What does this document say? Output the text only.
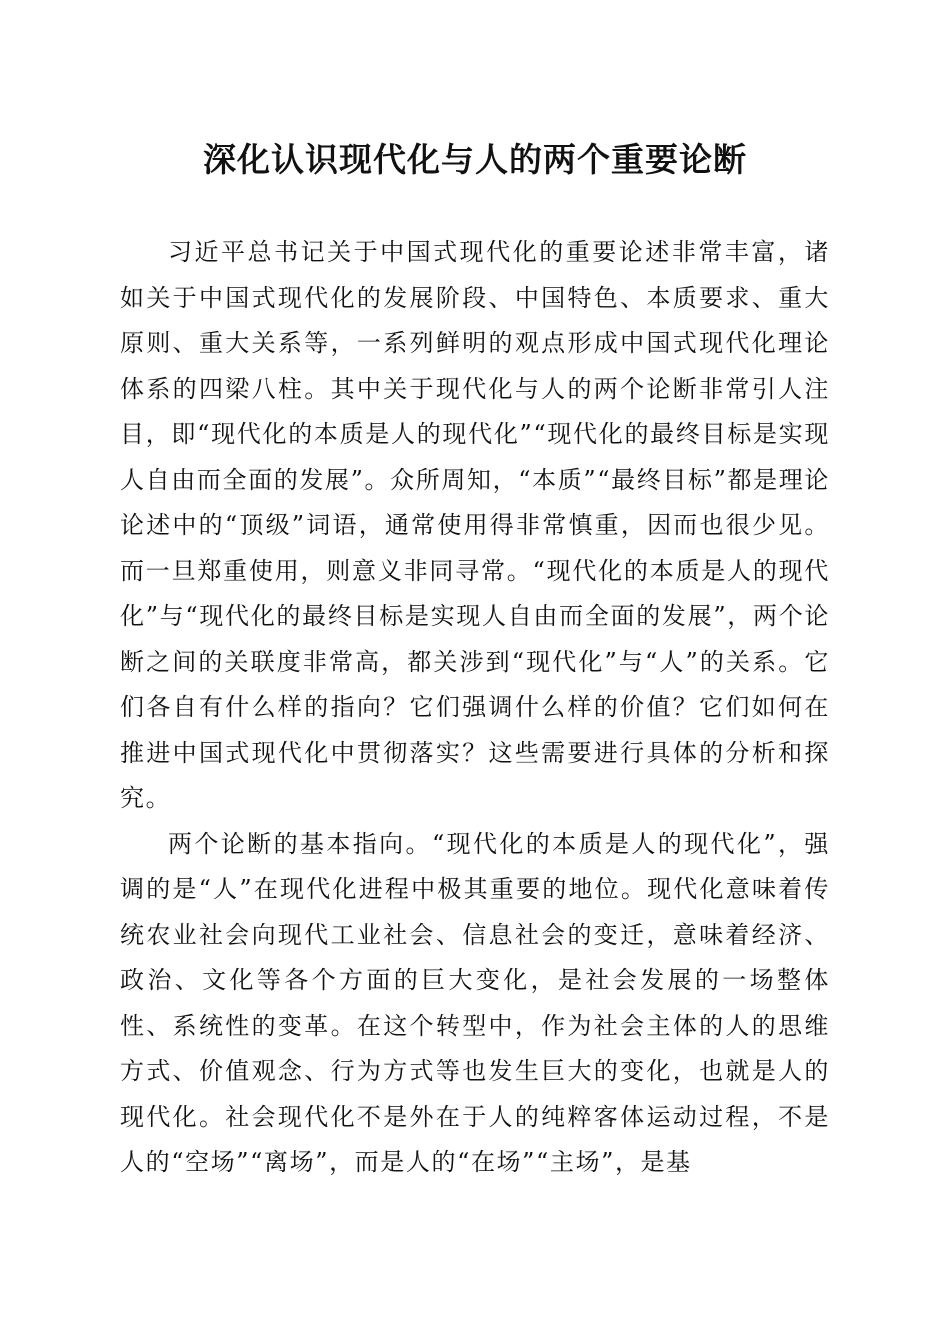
深化认识现代化与人的两个重要论断

习近平总书记关于中国式现代化的重要论述非常丰富，诸如关于中国式现代化的发展阶段、中国特色、本质要求、重大原则、重大关系等，一系列鲜明的观点形成中国式现代化理论体系的四梁八柱。其中关于现代化与人的两个论断非常引人注目，即“现代化的本质是人的现代化”“现代化的最终目标是实现人自由而全面的发展”。众所周知，“本质”“最终目标”都是理论论述中的“顶级”词语，通常使用得非常慎重，因而也很少见。而一旦郑重使用，则意义非同寻常。“现代化的本质是人的现代化”与“现代化的最终目标是实现人自由而全面的发展”，两个论断之间的关联度非常高，都关涉到“现代化”与“人”的关系。它们各自有什么样的指向？它们强调什么样的价值？它们如何在推进中国式现代化中贯彻落实？这些需要进行具体的分析和探究。

两个论断的基本指向。“现代化的本质是人的现代化”，强调的是“人”在现代化进程中极其重要的地位。现代化意味着传统农业社会向现代工业社会、信息社会的变迁，意味着经济、政治、文化等各个方面的巨大变化，是社会发展的一场整体性、系统性的变革。在这个转型中，作为社会主体的人的思维方式、价值观念、行为方式等也发生巨大的变化，也就是人的现代化。社会现代化不是外在于人的纯粹客体运动过程，不是人的“空场”“离场”，而是人的“在场”“主场”，是基
